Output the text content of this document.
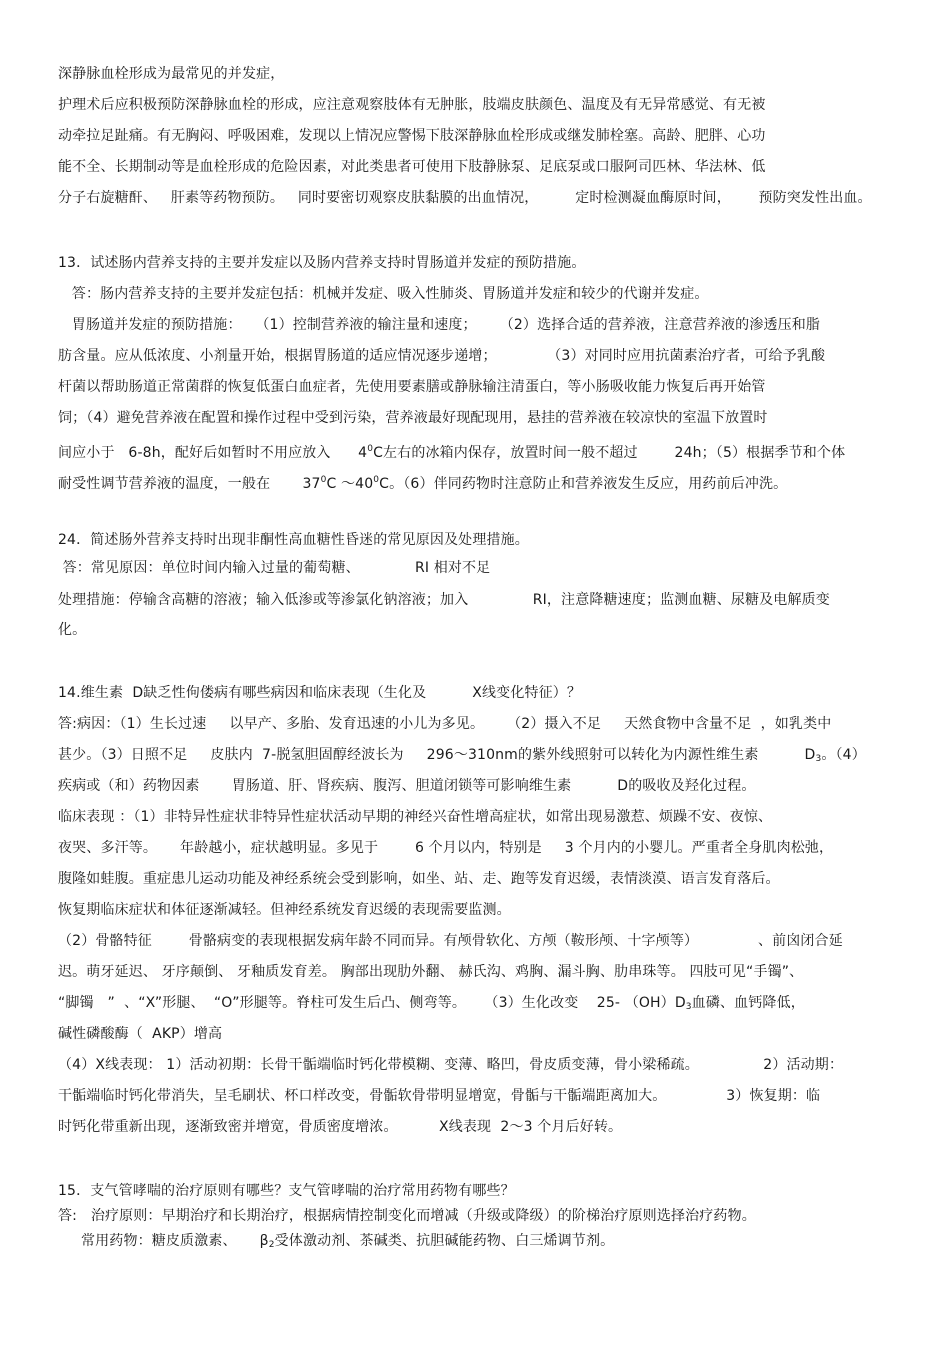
深静脉血栓形成为最常见的并发症，
护理术后应积极预防深静脉血栓的形成，应注意观察肢体有无肿胀，肢端皮肤颜色、温度及有无异常感觉、有无被
动牵拉足趾痛。有无胸闷、呼吸困难，发现以上情况应警惕下肢深静脉血栓形成或继发肺栓塞。高龄、肥胖、心功
能不全、长期制动等是血栓形成的危险因素，对此类患者可使用下肢静脉泵、足底泵或口服阿司匹林、华法林、低
分子右旋糖酐、   肝素等药物预防。   同时要密切观察皮肤黏膜的出血情况，        定时检测凝血酶原时间，      预防突发性出血。
13．试述肠内营养支持的主要并发症以及肠内营养支持时胃肠道并发症的预防措施。
答：肠内营养支持的主要并发症包括：机械并发症、吸入性肺炎、胃肠道并发症和较少的代谢并发症。
胃肠道并发症的预防措施：   （1）控制营养液的输注量和速度；     （2）选择合适的营养液，注意营养液的渗透压和脂
肪含量。应从低浓度、小剂量开始，根据胃肠道的适应情况逐步递增；           （3）对同时应用抗菌素治疗者，可给予乳酸
杆菌以帮助肠道正常菌群的恢复低蛋白血症者，先使用要素膳或静脉输注清蛋白，等小肠吸收能力恢复后再开始管
饲；（4）避免营养液在配置和操作过程中受到污染，营养液最好现配现用，悬挂的营养液在较凉快的室温下放置时
间应小于   6-8h，配好后如暂时不用应放入      $4^0C$左右的冰箱内保存，放置时间一般不超过        24h；（5）根据季节和个体
耐受性调节营养液的温度，一般在       $37^0C$ $\sim 40^0C$。（6）伴同药物时注意防止和营养液发生反应，用药前后冲洗。
24．简述肠外营养支持时出现非酮性高血糖性昏迷的常见原因及处理措施。
答：常见原因：单位时间内输入过量的葡萄糖、            RI 相对不足
处理措施：停输含高糖的溶液；输入低渗或等渗氯化钠溶液；加入              RI，注意降糖速度；监测血糖、尿糖及电解质变
化。
14.维生素  D缺乏性佝偻病有哪些病因和临床表现（生化及          X线变化特征）？
答:病因：（1）生长过速     以早产、多胎、发育迅速的小儿为多见。     （2）摄入不足     天然食物中含量不足  ，如乳类中
甚少。（3）日照不足     皮肤内  7-脱氢胆固醇经波长为     296～310nm的紫外线照射可以转化为内源性维生素          $D_3$。（4）
疾病或（和）药物因素       胃肠道、肝、肾疾病、腹泻、胆道闭锁等可影响维生素          D的吸收及羟化过程。
临床表现 ：（1）非特异性症状非特异性症状活动早期的神经兴奋性增高症状，如常出现易激惹、烦躁不安、夜惊、
夜哭、多汗等。     年龄越小，症状越明显。多见于        6 个月以内，特别是     3 个月内的小婴儿。严重者全身肌肉松弛，
腹隆如蛙腹。重症患儿运动功能及神经系统会受到影响，如坐、站、走、跑等发育迟缓，表情淡漠、语言发育落后。
恢复期临床症状和体征逐渐减轻。但神经系统发育迟缓的表现需要监测。
（2）骨骼特征        骨骼病变的表现根据发病年龄不同而异。有颅骨软化、方颅（鞍形颅、十字颅等）             、前囟闭合延
迟。萌牙延迟、 牙序颠倒、 牙釉质发育差。 胸部出现肋外翻、 赫氏沟、鸡胸、漏斗胸、肋串珠等。 四肢可见“手镯”、
“脚镯   ”  、“X”形腿、  “O”形腿等。脊柱可发生后凸、侧弯等。    （3）生化改变    25- $(OH)D_3$血磷、血钙降低，
碱性磷酸酶（  AKP）增高
（4）X线表现： 1）活动初期：长骨干骺端临时钙化带模糊、变薄、略凹，骨皮质变薄，骨小梁稀疏。              2）活动期：
干骺端临时钙化带消失，呈毛刷状、杯口样改变，骨骺软骨带明显增宽，骨骺与干骺端距离加大。             3）恢复期：临
时钙化带重新出现，逐渐致密并增宽，骨质密度增浓。         X线表现  2～3 个月后好转。
15．支气管哮喘的治疗原则有哪些？支气管哮喘的治疗常用药物有哪些？
答:   治疗原则：早期治疗和长期治疗，根据病情控制变化而增减（升级或降级）的阶梯治疗原则选择治疗药物。
常用药物：糖皮质激素、     $\beta_2$受体激动剂、茶碱类、抗胆碱能药物、白三烯调节剂。
